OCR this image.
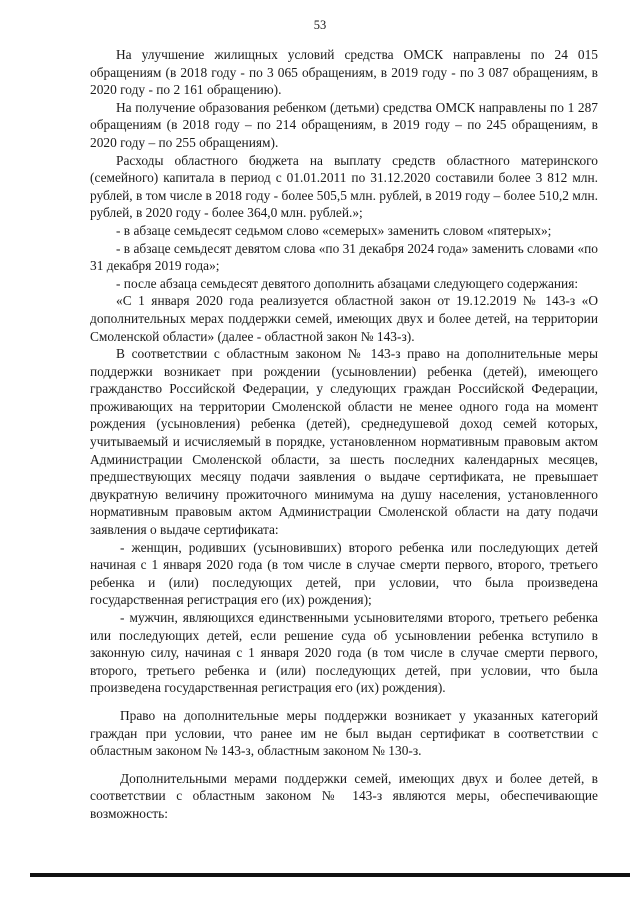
53

На улучшение жилищных условий средства ОМСК направлены по 24 015 обращениям (в 2018 году - по 3 065 обращениям, в 2019 году - по 3 087 обращениям, в 2020 году - по 2 161 обращению).

На получение образования ребенком (детьми) средства ОМСК направлены по 1 287 обращениям (в 2018 году – по 214 обращениям, в 2019 году – по 245 обращениям, в 2020 году – по 255 обращениям).

Расходы областного бюджета на выплату средств областного материнского (семейного) капитала в период с 01.01.2011 по 31.12.2020 составили более 3 812 млн. рублей, в том числе в 2018 году - более 505,5 млн. рублей, в 2019 году – более 510,2 млн. рублей, в 2020 году - более 364,0 млн. рублей.»;

- в абзаце семьдесят седьмом слово «семерых» заменить словом «пятерых»;

- в абзаце семьдесят девятом слова «по 31 декабря 2024 года» заменить словами «по 31 декабря 2019 года»;

- после абзаца семьдесят девятого дополнить абзацами следующего содержания:

«С 1 января 2020 года реализуется областной закон от 19.12.2019 № 143-з «О дополнительных мерах поддержки семей, имеющих двух и более детей, на территории Смоленской области» (далее - областной закон № 143-з).

В соответствии с областным законом № 143-з право на дополнительные меры поддержки возникает при рождении (усыновлении) ребенка (детей), имеющего гражданство Российской Федерации, у следующих граждан Российской Федерации, проживающих на территории Смоленской области не менее одного года на момент рождения (усыновления) ребенка (детей), среднедушевой доход семей которых, учитываемый и исчисляемый в порядке, установленном нормативным правовым актом Администрации Смоленской области, за шесть последних календарных месяцев, предшествующих месяцу подачи заявления о выдаче сертификата, не превышает двукратную величину прожиточного минимума на душу населения, установленного нормативным правовым актом Администрации Смоленской области на дату подачи заявления о выдаче сертификата:

- женщин, родивших (усыновивших) второго ребенка или последующих детей начиная с 1 января 2020 года (в том числе в случае смерти первого, второго, третьего ребенка и (или) последующих детей, при условии, что была произведена государственная регистрация его (их) рождения);

- мужчин, являющихся единственными усыновителями второго, третьего ребенка или последующих детей, если решение суда об усыновлении ребенка вступило в законную силу, начиная с 1 января 2020 года (в том числе в случае смерти первого, второго, третьего ребенка и (или) последующих детей, при условии, что была произведена государственная регистрация его (их) рождения).

Право на дополнительные меры поддержки возникает у указанных категорий граждан при условии, что ранее им не был выдан сертификат в соответствии с областным законом № 143-з, областным законом № 130-з.

Дополнительными мерами поддержки семей, имеющих двух и более детей, в соответствии с областным законом № 143-з являются меры, обеспечивающие возможность:
